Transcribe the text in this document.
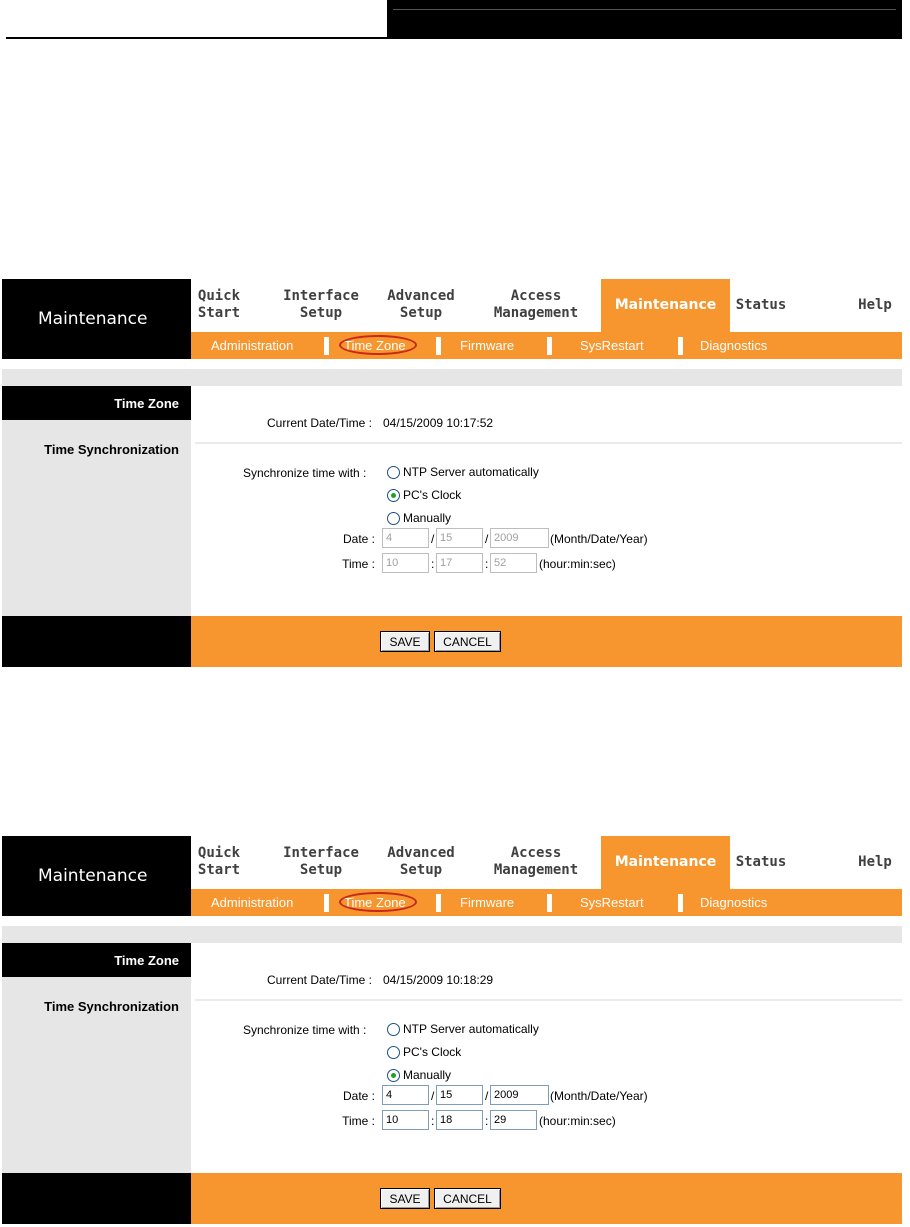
Maintenance
Quick
Start
Interface
Setup
Advanced
Setup
Access
Management	Maintenance	Status	Help
Administration	Time Zone	Firmware	SysRestart	Diagnostics
Time Zone
Time Synchronization
Current Date/Time : 04/15/2009 10:17:52
Synchronize time with :	NTP Server automatically
PC's Clock
Manually
Date :
4	/
15	/
2009	(Month/Date/Year)
Time :
10	:
17	:
52	(hour:min:sec)
SAVE	CANCEL
Maintenance
Quick
Start
Interface
Setup
Advanced
Setup
Access
Management	Maintenance	Status	Help
Administration	Time Zone	Firmware	SysRestart	Diagnostics
Time Zone
Time Synchronization
Current Date/Time : 04/15/2009 10:18:29
Synchronize time with :	NTP Server automatically
PC's Clock
Manually
Date :
4	/
15	/
2009	(Month/Date/Year)
Time :
10	:
18	:
29	(hour:min:sec)
SAVE	CANCEL
